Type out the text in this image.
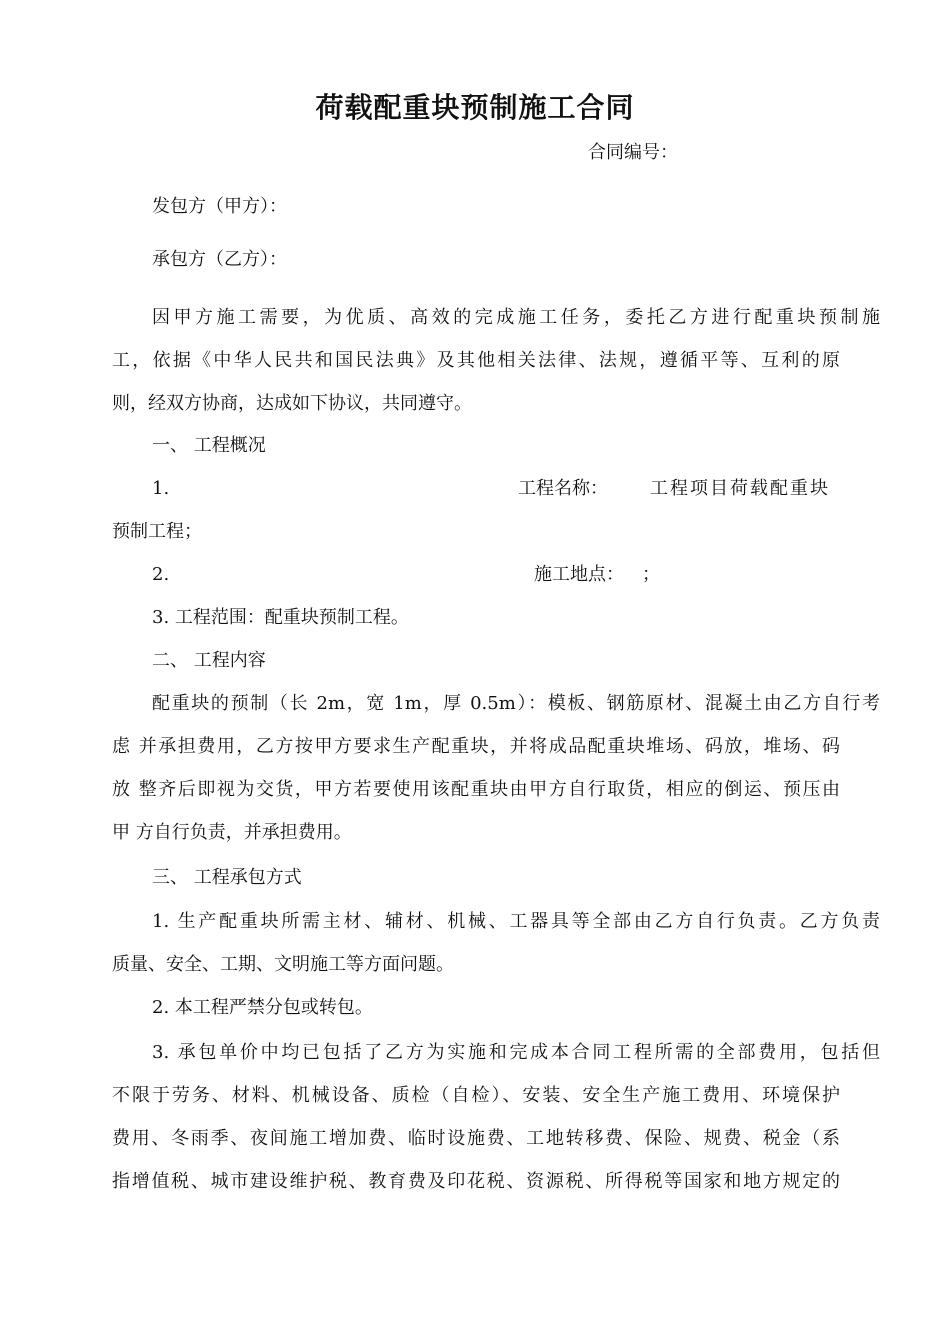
荷载配重块预制施工合同
合同编号：
发包方（甲方）：
承包方（乙方）：
因甲方施工需要，为优质、高效的完成施工任务，委托乙方进行配重块预制施
工，依据《中华人民共和国民法典》及其他相关法律、法规，遵循平等、互利的原
则，经双方协商，达成如下协议，共同遵守。
一、 工程概况
1.	工程名称： 工程项目荷载配重块
预制工程；
2.	施工地点： ；
3. 工程范围：配重块预制工程。
二、 工程内容
配重块的预制（长 2m，宽 1m，厚 0.5m）：模板、钢筋原材、混凝土由乙方自行考
虑 并承担费用，乙方按甲方要求生产配重块，并将成品配重块堆场、码放，堆场、码
放 整齐后即视为交货，甲方若要使用该配重块由甲方自行取货，相应的倒运、预压由
甲 方自行负责，并承担费用。
三、 工程承包方式
1. 生产配重块所需主材、辅材、机械、工器具等全部由乙方自行负责。乙方负责
质量、安全、工期、文明施工等方面问题。
2. 本工程严禁分包或转包。
3. 承包单价中均已包括了乙方为实施和完成本合同工程所需的全部费用，包括但
不限于劳务、材料、机械设备、质检（自检）、安装、安全生产施工费用、环境保护
费用、冬雨季、夜间施工增加费、临时设施费、工地转移费、保险、规费、税金（系
指增值税、城市建设维护税、教育费及印花税、资源税、所得税等国家和地方规定的
